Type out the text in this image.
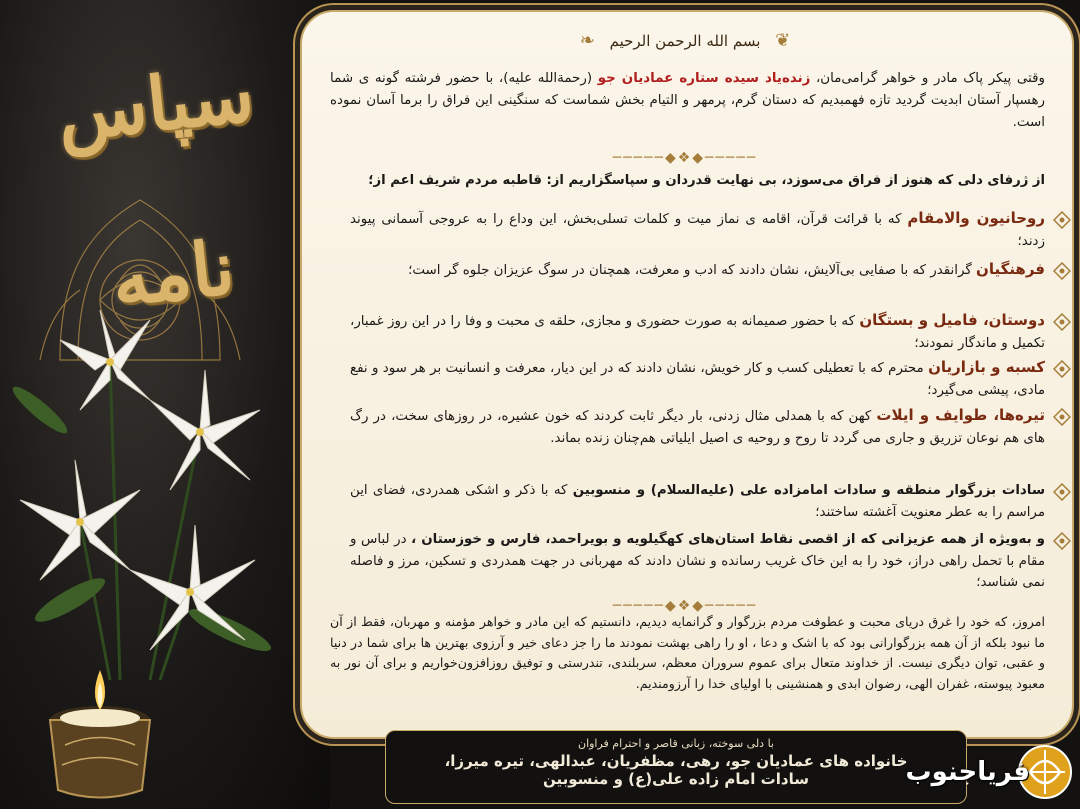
سپاس نامه
❦ بسم الله الرحمن الرحیم ❧
وقتی پیکر پاک مادر و خواهر گرامی‌مان، زنده‌یاد سیده ستاره عمادیان جو (رحمة‌الله علیه)، با حضور فرشته گونه ی شما رهسپار آستان ابدیت گردید تازه فهمبدیم که دستان گرم، پرمهر و التیام بخش شماست که سنگینی این فراق را برما آسان نموده است.
─────◆❖◆─────
از ژرفای دلی که هنوز از فراق می‌سوزد، بی نهایت قدردان و سپاسگزاریم از: قاطبه مردم شریف اعم از؛
روحانیون والامقام که با قرائت قرآن، اقامه ی نماز میت و کلمات تسلی‌بخش، این وداع را به عروجی آسمانی پیوند زدند؛
فرهنگیان گرانقدر که با صفایی بی‌آلایش، نشان دادند که ادب و معرفت، همچنان در سوگ عزیزان جلوه گر است؛
دوستان، فامیل و بستگان که با حضور صمیمانه به صورت حضوری و مجازی، حلقه ی محبت و وفا را در این روز غمبار، تکمیل و ماندگار نمودند؛
کسبه و بازاریان محترم که با تعطیلی کسب و کار خویش، نشان دادند که در این دیار، معرفت و انسانیت بر هر سود و نفع مادی، پیشی می‌گیرد؛
تیره‌ها، طوایف و ایلات کهن که با همدلی مثال زدنی، بار دیگر ثابت کردند که خون عشیره، در روزهای سخت، در رگ های هم نوعان تزریق و جاری می گردد تا روح و روحیه ی اصیل ایلیاتی هم‌چنان زنده بماند.
سادات بزرگوار منطقه و سادات امامزاده علی (علیه‌السلام) و منسوبین که با ذکر و اشکی همدردی، فضای این مراسم را به عطر معنویت آغشته ساختند؛
و به‌ویژه از همه عزیزانی که از اقصی نقاط استان‌های کهگیلویه و بویراحمد، فارس و خوزستان ، در لباس و مقام با تحمل راهی دراز، خود را به این خاک غریب رسانده و نشان دادند که مهربانی در جهت همدردی و تسکین، مرز و فاصله نمی شناسد؛
─────◆❖◆─────
امروز، که خود را غرق دریای محبت و عطوفت مردم بزرگوار و گرانمایه دیدیم، دانستیم که این مادر و خواهر مؤمنه و مهربان، فقط از آن ما نبود بلکه از آن همه بزرگوارانی بود که با اشک و دعا ، او را راهی بهشت نمودند ما را جز دعای خیر و آرزوی بهترین ها برای شما در دنیا و عقبی، توان دیگری نیست. از خداوند متعال برای عموم سروران معظم، سربلندی، تندرستی و توفیق روزافزون‌خواریم و برای آن نور به معبود پیوسته، غفران الهی، رضوان ابدی و همنشینی با اولیای خدا را آرزومندیم.
با دلی سوخته، زبانی قاصر و احترام فراوان
خانواده های عمادیان جو، رهی، مظفریان، عبدالهی، تیره میرزا،
سادات امام زاده علی(ع) و منسوبین	فریاجنوب
